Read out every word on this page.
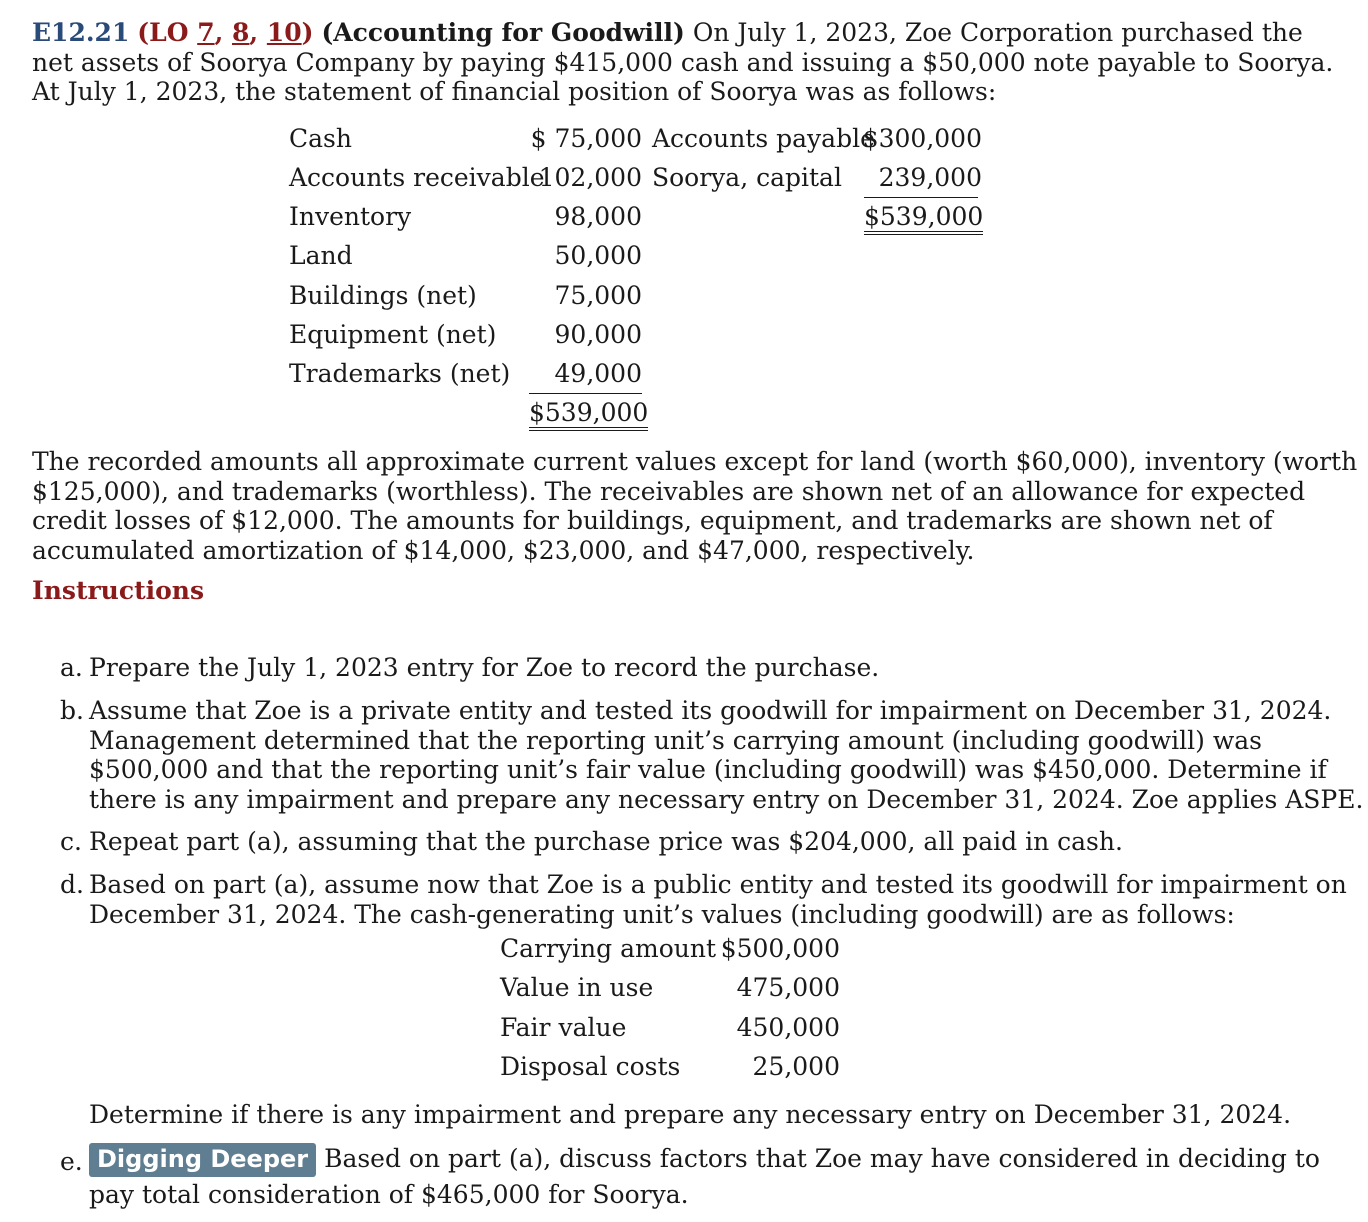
E12.21 (LO 7, 8, 10) (Accounting for Goodwill) On July 1, 2023, Zoe Corporation purchased the
net assets of Soorya Company by paying $415,000 cash and issuing a $50,000 note payable to Soorya.
At July 1, 2023, the statement of financial position of Soorya was as follows:
Cash
Accounts receivable
Inventory
Land
Buildings (net)
Equipment (net)
Trademarks (net)
$ 75,000
102,000
98,000
50,000
75,000
90,000
49,000
$539,000
Accounts payable
Soorya, capital
$300,000
239,000
$539,000
The recorded amounts all approximate current values except for land (worth $60,000), inventory (worth
$125,000), and trademarks (worthless). The receivables are shown net of an allowance for expected
credit losses of $12,000. The amounts for buildings, equipment, and trademarks are shown net of
accumulated amortization of $14,000, $23,000, and $47,000, respectively.
Instructions
a. Prepare the July 1, 2023 entry for Zoe to record the purchase.
b. Assume that Zoe is a private entity and tested its goodwill for impairment on December 31, 2024.
Management determined that the reporting unit’s carrying amount (including goodwill) was
$500,000 and that the reporting unit’s fair value (including goodwill) was $450,000. Determine if
there is any impairment and prepare any necessary entry on December 31, 2024. Zoe applies ASPE.
c. Repeat part (a), assuming that the purchase price was $204,000, all paid in cash.
d. Based on part (a), assume now that Zoe is a public entity and tested its goodwill for impairment on
December 31, 2024. The cash-generating unit’s values (including goodwill) are as follows:
Carrying amount
Value in use
Fair value
Disposal costs
$500,000
475,000
450,000
25,000
Determine if there is any impairment and prepare any necessary entry on December 31, 2024.
e. Digging Deeper Based on part (a), discuss factors that Zoe may have considered in deciding to
pay total consideration of $465,000 for Soorya.
